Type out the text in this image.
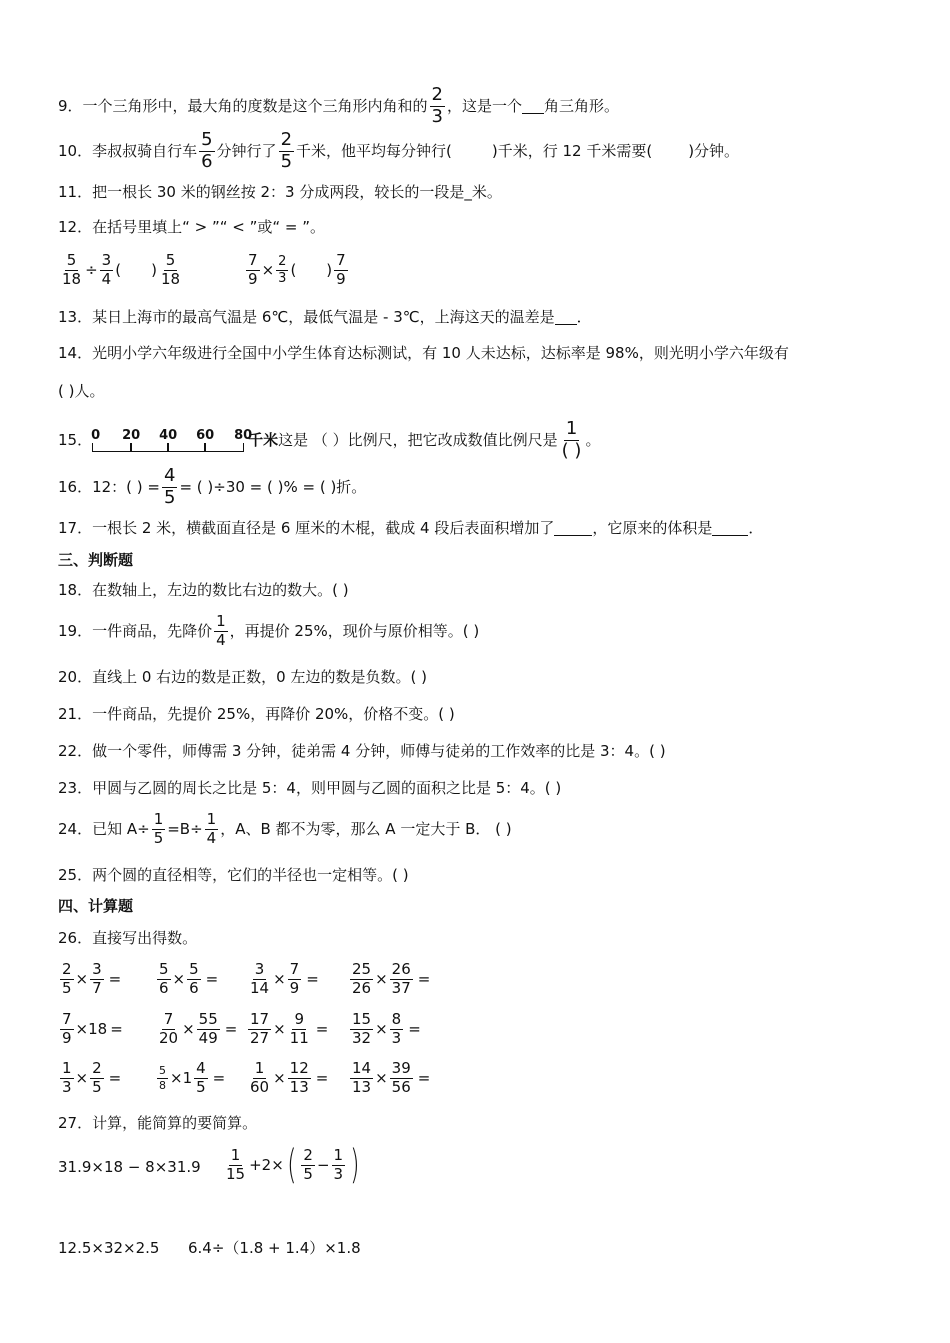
9．一个三角形中，最大角的度数是这个三角形内角和的 $\frac{2}{3}$ ，这是一个 角三角形。
10．李叔叔骑自行车 $\frac{5}{6}$ 分钟行了 $\frac{2}{5}$ 千米，他平均每分钟行(	)千米，行 12 千米需要( )分钟。
11．把一根长 30 米的钢丝按 2：3 分成两段，较长的一段是_米。
12．在括号里填上“ > ”“ < ”或“ = ”。
$\frac{5}{18} \div \frac{3}{4}$ ( ) $\frac{5}{18}$	$\frac{7}{9} \times \frac{2}{3}$ ( ) $\frac{7}{9}$
13．某日上海市的最高气温是 6℃，最低气温是 - 3℃，上海这天的温差是 ．
14．光明小学六年级进行全国中小学生体育达标测试，有 10 人未达标，达标率是 98%，则光明小学六年级有
( )人。
15． 0 20 40 60 80
千米 这是 （ ）比例尺，把它改成数值比例尺是 $\frac{1}{( )}$ 。
16．12：( ) = $\frac{4}{5}$ = ( )÷30 = ( )% = ( )折。
17．一根长 2 米，横截面直径是 6 厘米的木棍，截成 4 段后表面积增加了	，它原来的体积是 ．
三、判断题
18．在数轴上，左边的数比右边的数大。( )
19．一件商品，先降价 $\frac{1}{4}$ ，再提价 25%，现价与原价相等。( )
20．直线上 0 右边的数是正数，0 左边的数是负数。( )
21．一件商品，先提价 25%，再降价 20%，价格不变。( )
22．做一个零件，师傅需 3 分钟，徒弟需 4 分钟，师傅与徒弟的工作效率的比是 3：4。( )
23．甲圆与乙圆的周长之比是 5：4，则甲圆与乙圆的面积之比是 5：4。( )
24．已知 $A\div \frac{1}{5} =B\div \frac{1}{4}$ ，A、B 都不为零，那么 A 一定大于 B． ( )
25．两个圆的直径相等，它们的半径也一定相等。( )
四、计算题
26．直接写出得数。
$\frac{2}{5} \times \frac{3}{7} = \frac{5}{6} \times \frac{5}{6} = \frac{3}{14} \times \frac{7}{9} = \frac{25}{26} \times \frac{26}{37}$ =
$\frac{7}{9} \times 18 = \frac{7}{20} \times \frac{55}{49} = \frac{17}{27} \times \frac{9}{11} = \frac{15}{32} \times \frac{8}{3}$ =
$\frac{1}{3} \times \frac{2}{5}$ =	$\frac{5}{8} \times 1 \frac{4}{5} = \frac{1}{60} \times \frac{12}{13} = \frac{14}{13} \times \frac{39}{56}$ =
27．计算，能简算的要简算。
$31.9\times 18 - 8\times 31.9 \frac{1}{15} +2\times$ ( $\frac{2}{5} - \frac{1}{3}$ )
12.5×32×2.5 6.4÷（1.8 + 1.4）×1.8
